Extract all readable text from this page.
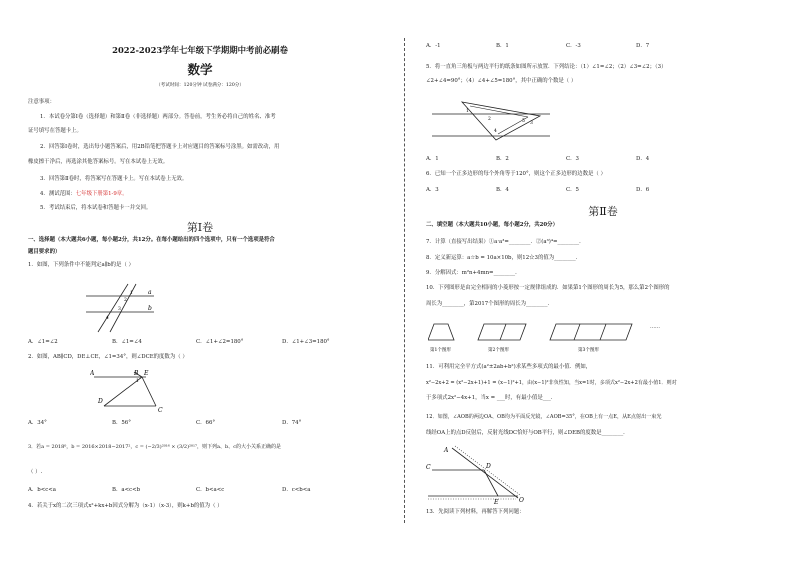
2022-2023学年七年级下学期期中考前必刷卷
数学
（考试时间：120分钟 试卷满分：120分）
注意事项：
1．本试卷分第Ⅰ卷（选择题）和第Ⅱ卷（非选择题）两部分。答卷前，考生务必将自己的姓名、准考
证号填写在答题卡上。
2．回答第Ⅰ卷时，选出每小题答案后，用2B铅笔把答题卡上对应题目的答案标号涂黑。如需改动，用
橡皮擦干净后，再选涂其他答案标号。写在本试卷上无效。
3．回答第Ⅱ卷时，将答案写在答题卡上。写在本试卷上无效。
4．测试范围：七年级下册第1-9章。
5．考试结束后，将本试卷和答题卡一并交回。
第Ⅰ卷
一、选择题（本大题共6小题，每小题2分，共12分。在每小题给出的四个选项中，只有一个选项是符合
题目要求的）
1．如图，下列条件中不能判定a∥b的是（ ）
a
b
1
2
3
4
A．∠1=∠2	B．∠1=∠4	C．∠1+∠2=180°	D．∠1+∠3=180°
2．如图，AB∥CD，DE⊥CE，∠1=34°，则∠DCE的度数为（ ）
A	B E
D
C
1
A．34°	B．56°	C．66°	D．74°
3．若a = 2018⁰，b = 2016×2018−2017²，c = (−2/3)²⁰¹⁶ × (3/2)²⁰¹⁷，则下列a、b、c的大小关系正确的是
（ ）.
A．b<c<a	B．a<c<b	C．b<a<c	D．c<b<a
4．若关于x的二次三项式x²+kx+b因式分解为（x-1）（x-3），则k+b的值为（ ）
A．-1	B．1	C．-3	D．7
5．将一直角三角板与两边平行的纸条如图所示放置．下列结论：（1）∠1=∠2；（2）∠3=∠2；（3）
∠2+∠4=90°；（4）∠4+∠5=180°，其中正确的个数是（ ）
1
2
3
4
5
A．1	B．2	C．3	D．4
6．已知一个正多边形的每个外角等于120°，则这个正多边形的边数是（ ）
A．3	B．4	C．5	D．6
第Ⅱ卷
二、填空题（本大题共10小题，每小题2分，共20分）
7．计算（直接写出结果）①a·a³=________．②(a³)⁴=________．
8．定义新运算：a☆b = 10a×10b，则12☆3的值为________．
9．分解因式：m²n+4mn=________．
10．下列图形是由完全相同的小菱形按一定规律组成的．如果第1个图形的周长为5，那么第2个图形的
周长为________，第2017个图形的周长为________．
第1个图形	第2个图形	第3个图形
……
11．可利用完全平方式(a²±2ab+b²)求某些多项式的最小值．例如，
x²−2x+2 = (x²−2x+1)+1 = (x−1)²+1，由(x−1)²非负性知，当x=1时，多项式x²−2x+2有最小值1．则对
于多项式2x²−4x+1，当x = ___时，有最小值是___．
12．如图，∠AOB的两边OA、OB均为平面反光镜，∠AOB=35°，在OB上有一点E，从E点射出一束光
线经OA上的点D反射后，反射光线DC恰好与OB平行，则∠DEB的度数是________．
A
C	D
E	O
13．先阅读下列材料，再解答下列问题：
